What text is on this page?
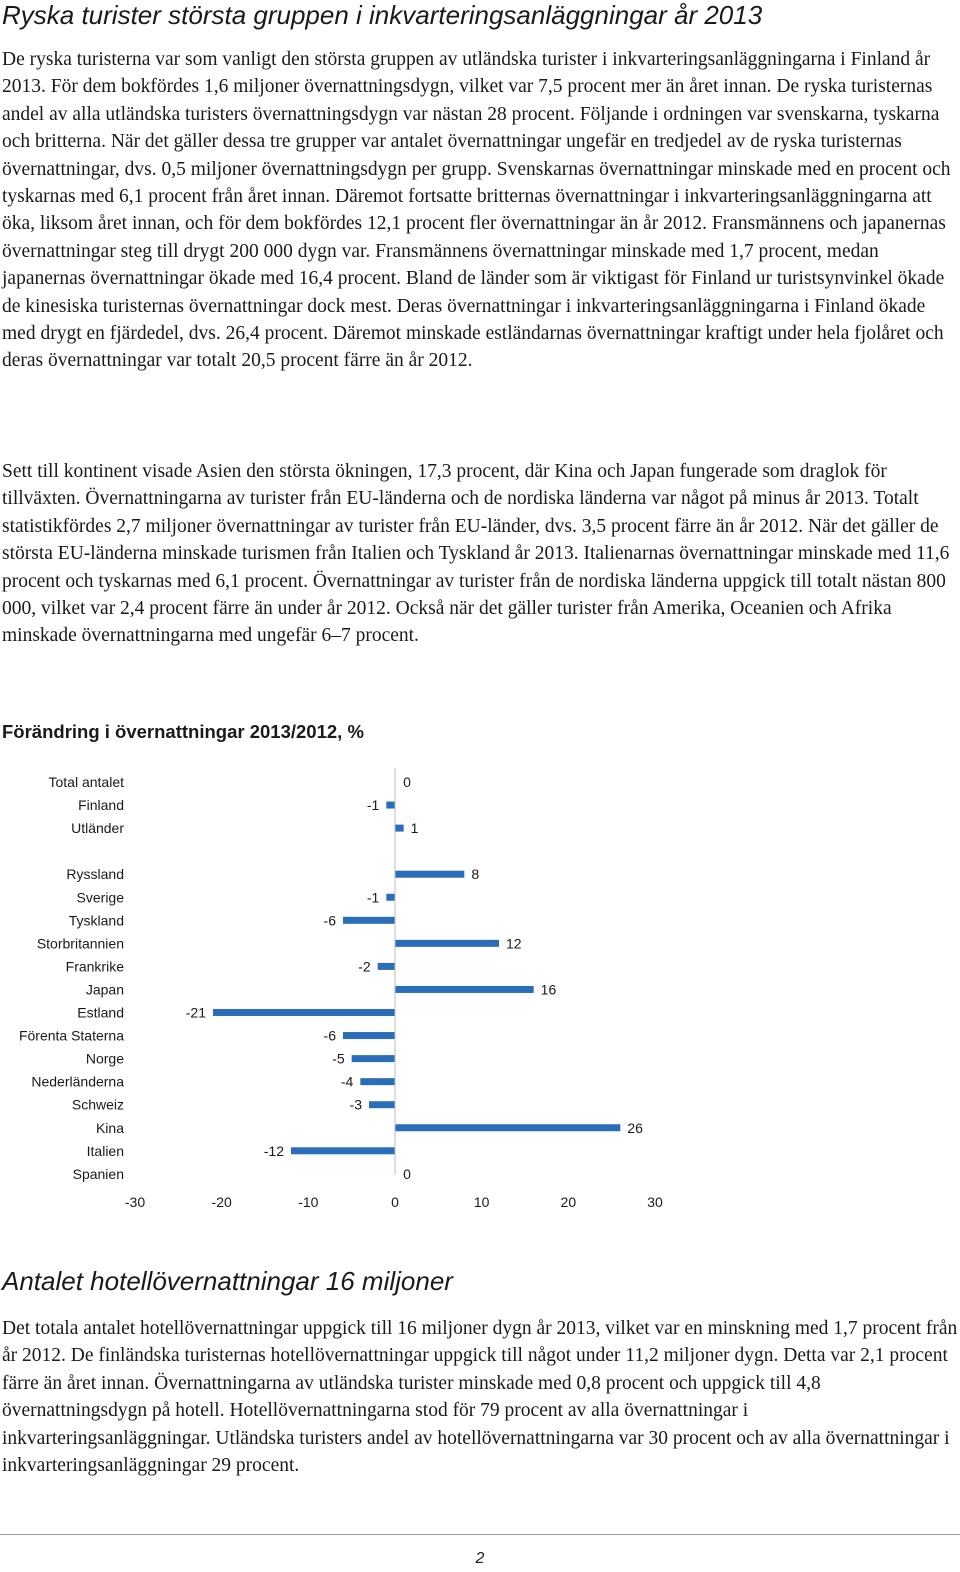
Ryska turister största gruppen i inkvarteringsanläggningar år 2013

De ryska turisterna var som vanligt den största gruppen av utländska turister i inkvarteringsanläggningarna i Finland år 2013. För dem bokfördes 1,6 miljoner övernattningsdygn, vilket var 7,5 procent mer än året innan. De ryska turisternas andel av alla utländska turisters övernattningsdygn var nästan 28 procent. Följande i ordningen var svenskarna, tyskarna och britterna. När det gäller dessa tre grupper var antalet övernattningar ungefär en tredjedel av de ryska turisternas övernattningar, dvs. 0,5 miljoner övernattningsdygn per grupp. Svenskarnas övernattningar minskade med en procent och tyskarnas med 6,1 procent från året innan. Däremot fortsatte britternas övernattningar i inkvarteringsanläggningarna att öka, liksom året innan, och för dem bokfördes 12,1 procent fler övernattningar än år 2012. Fransmännens och japanernas övernattningar steg till drygt 200 000 dygn var. Fransmännens övernattningar minskade med 1,7 procent, medan japanernas övernattningar ökade med 16,4 procent. Bland de länder som är viktigast för Finland ur turistsynvinkel ökade de kinesiska turisternas övernattningar dock mest. Deras övernattningar i inkvarteringsanläggningarna i Finland ökade med drygt en fjärdedel, dvs. 26,4 procent. Däremot minskade estländarnas övernattningar kraftigt under hela fjolåret och deras övernattningar var totalt 20,5 procent färre än år 2012.

Sett till kontinent visade Asien den största ökningen, 17,3 procent, där Kina och Japan fungerade som draglok för tillväxten. Övernattningarna av turister från EU-länderna och de nordiska länderna var något på minus år 2013. Totalt statistikfördes 2,7 miljoner övernattningar av turister från EU-länder, dvs. 3,5 procent färre än år 2012. När det gäller de största EU-länderna minskade turismen från Italien och Tyskland år 2013. Italienarnas övernattningar minskade med 11,6 procent och tyskarnas med 6,1 procent. Övernattningar av turister från de nordiska länderna uppgick till totalt nästan 800 000, vilket var 2,4 procent färre än under år 2012. Också när det gäller turister från Amerika, Oceanien och Afrika minskade övernattningarna med ungefär 6–7 procent.

Förändring i övernattningar 2013/2012, %
Total antalet	0
Finland	-1
Utländer	1
Ryssland	8
Sverige	-1
Tyskland	-6
Storbritannien	12
Frankrike	-2
Japan	16
Estland	-21
Förenta Staterna	-6
Norge	-5
Nederländerna	-4
Schweiz	-3
Kina	26
Italien	-12
Spanien	0
-30	-20	-10	0	10	20	30
Antalet hotellövernattningar 16 miljoner

Det totala antalet hotellövernattningar uppgick till 16 miljoner dygn år 2013, vilket var en minskning med 1,7 procent från år 2012. De finländska turisternas hotellövernattningar uppgick till något under 11,2 miljoner dygn. Detta var 2,1 procent färre än året innan. Övernattningarna av utländska turister minskade med 0,8 procent och uppgick till 4,8 övernattningsdygn på hotell. Hotellövernattningarna stod för 79 procent av alla övernattningar i inkvarteringsanläggningar. Utländska turisters andel av hotellövernattningarna var 30 procent och av alla övernattningar i inkvarteringsanläggningar 29 procent.

2
